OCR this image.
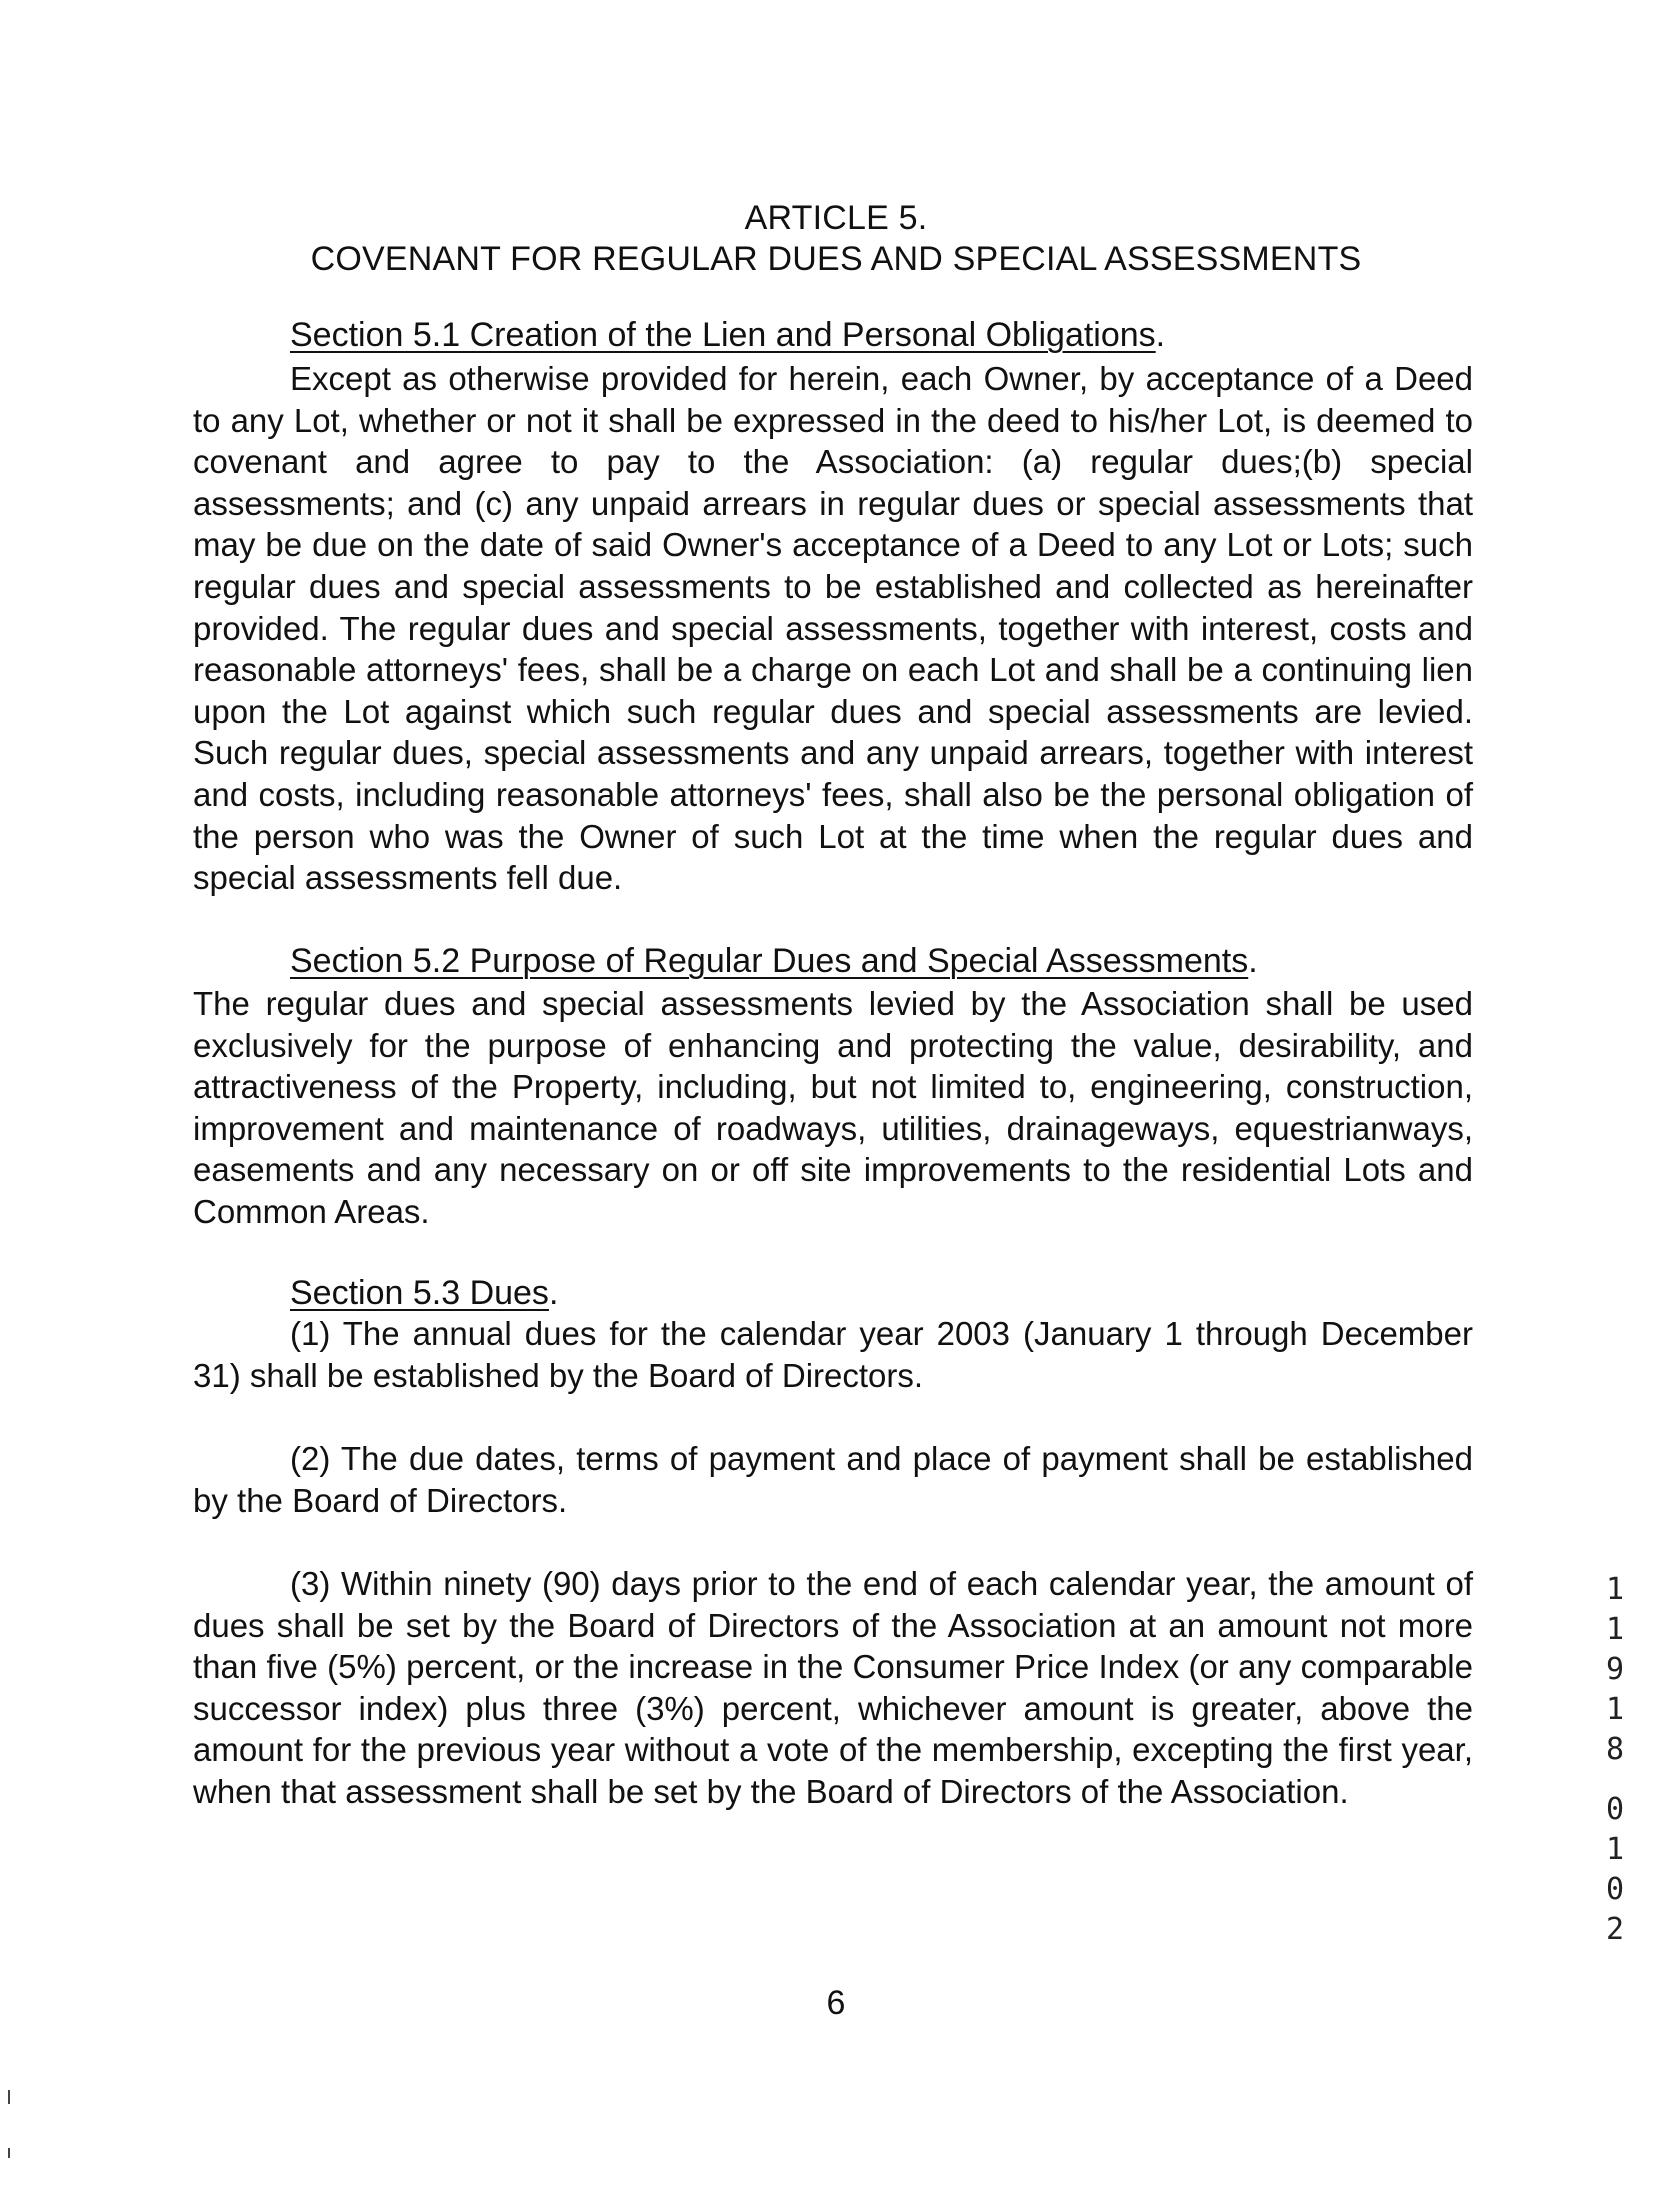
ARTICLE 5.
COVENANT FOR REGULAR DUES AND SPECIAL ASSESSMENTS
Section 5.1 Creation of the Lien and Personal Obligations.
Except as otherwise provided for herein, each Owner, by acceptance of a Deed to any Lot, whether or not it shall be expressed in the deed to his/her Lot, is deemed to covenant and agree to pay to the Association: (a) regular dues;(b) special assessments; and (c) any unpaid arrears in regular dues or special assessments that may be due on the date of said Owner's acceptance of a Deed to any Lot or Lots; such regular dues and special assessments to be established and collected as hereinafter provided. The regular dues and special assessments, together with interest, costs and reasonable attorneys' fees, shall be a charge on each Lot and shall be a continuing lien upon the Lot against which such regular dues and special assessments are levied. Such regular dues, special assessments and any unpaid arrears, together with interest and costs, including reasonable attorneys' fees, shall also be the personal obligation of the person who was the Owner of such Lot at the time when the regular dues and special assessments fell due.
Section 5.2 Purpose of Regular Dues and Special Assessments.
The regular dues and special assessments levied by the Association shall be used exclusively for the purpose of enhancing and protecting the value, desirability, and attractiveness of the Property, including, but not limited to, engineering, construction, improvement and maintenance of roadways, utilities, drainageways, equestrianways, easements and any necessary on or off site improvements to the residential Lots and Common Areas.
Section 5.3 Dues.
(1) The annual dues for the calendar year 2003 (January 1 through December 31) shall be established by the Board of Directors.
(2) The due dates, terms of payment and place of payment shall be established by the Board of Directors.
(3) Within ninety (90) days prior to the end of each calendar year, the amount of dues shall be set by the Board of Directors of the Association at an amount not more than five (5%) percent, or the increase in the Consumer Price Index (or any comparable successor index) plus three (3%) percent, whichever amount is greater, above the amount for the previous year without a vote of the membership, excepting the first year, when that assessment shall be set by the Board of Directors of the Association.
1
1
9
1
8
0
1
0
2
6
